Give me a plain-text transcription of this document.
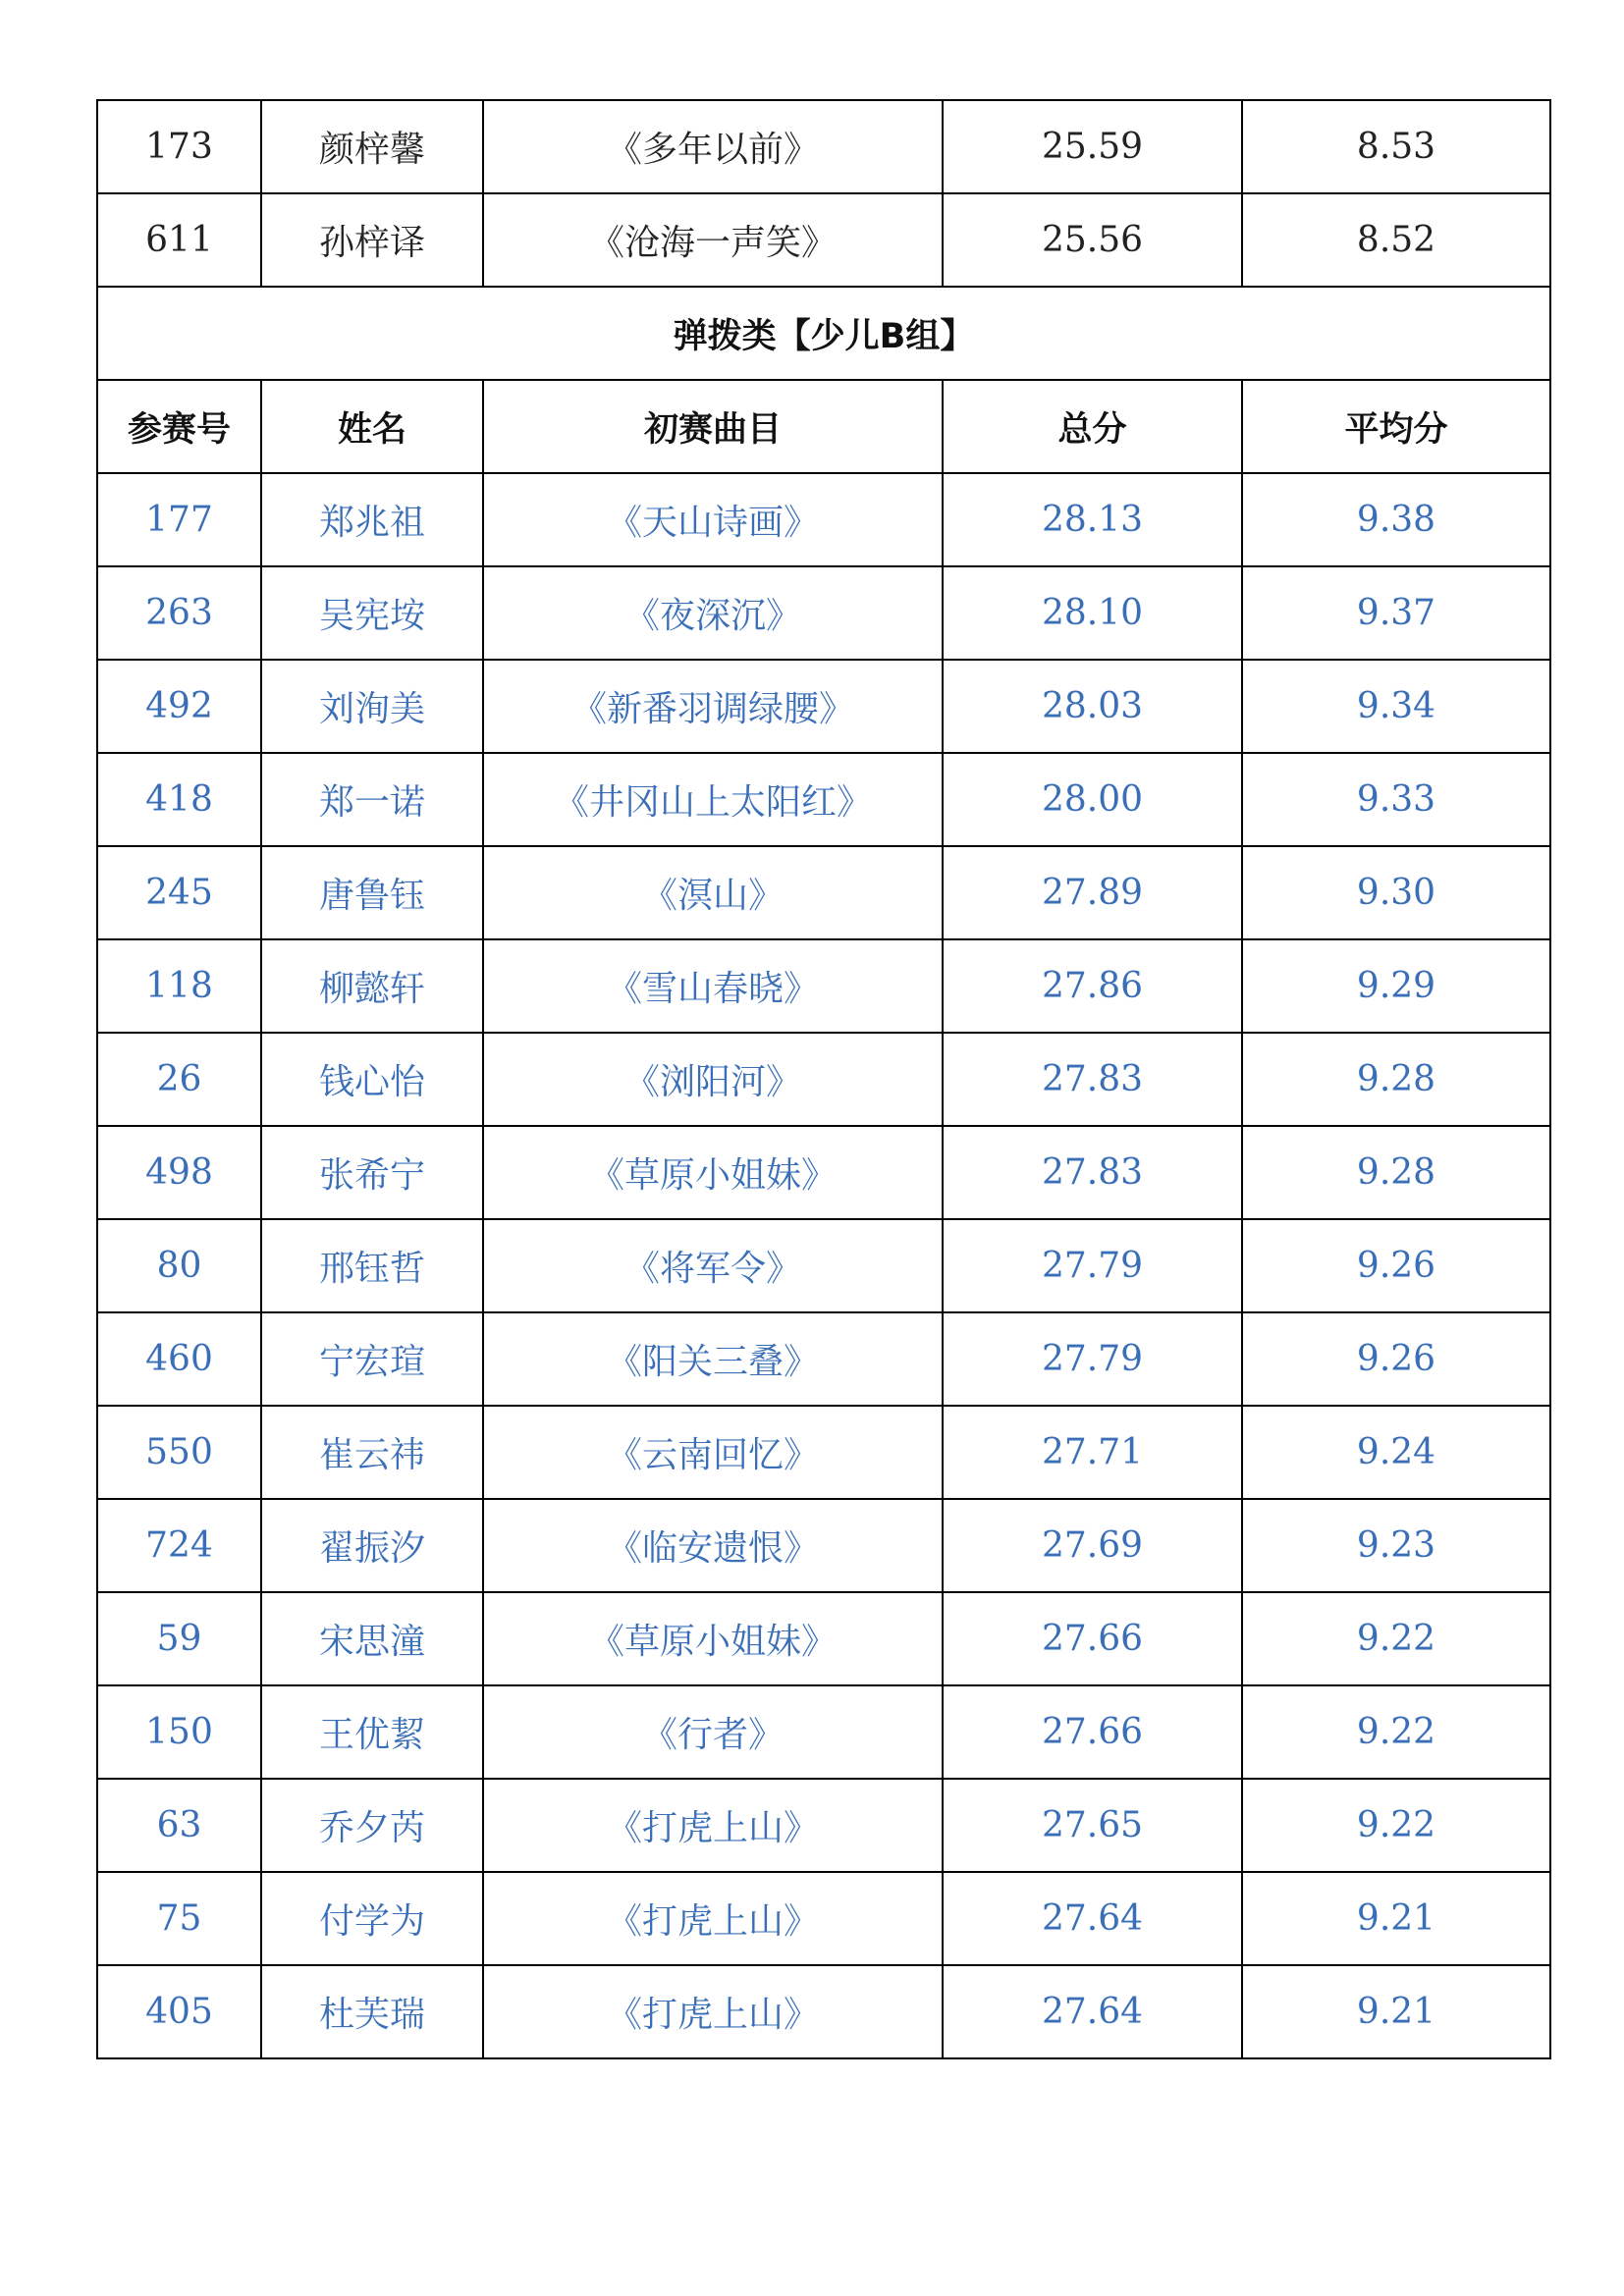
173	颜梓馨	《多年以前》	25.59	8.53
611	孙梓译	《沧海一声笑》	25.56	8.52
弹拨类【少儿B组】				
参赛号	姓名	初赛曲目	总分	平均分
177	郑兆祖	《天山诗画》	28.13	9.38
263	吴宪垵	《夜深沉》	28.10	9.37
492	刘洵美	《新番羽调绿腰》	28.03	9.34
418	郑一诺	《井冈山上太阳红》	28.00	9.33
245	唐鲁钰	《溟山》	27.89	9.30
118	柳懿轩	《雪山春晓》	27.86	9.29
26	钱心怡	《浏阳河》	27.83	9.28
498	张希宁	《草原小姐妹》	27.83	9.28
80	邢钰哲	《将军令》	27.79	9.26
460	宁宏瑄	《阳关三叠》	27.79	9.26
550	崔云祎	《云南回忆》	27.71	9.24
724	翟振汐	《临安遗恨》	27.69	9.23
59	宋思潼	《草原小姐妹》	27.66	9.22
150	王优絜	《行者》	27.66	9.22
63	乔夕芮	《打虎上山》	27.65	9.22
75	付学为	《打虎上山》	27.64	9.21
405	杜芙瑞	《打虎上山》	27.64	9.21
